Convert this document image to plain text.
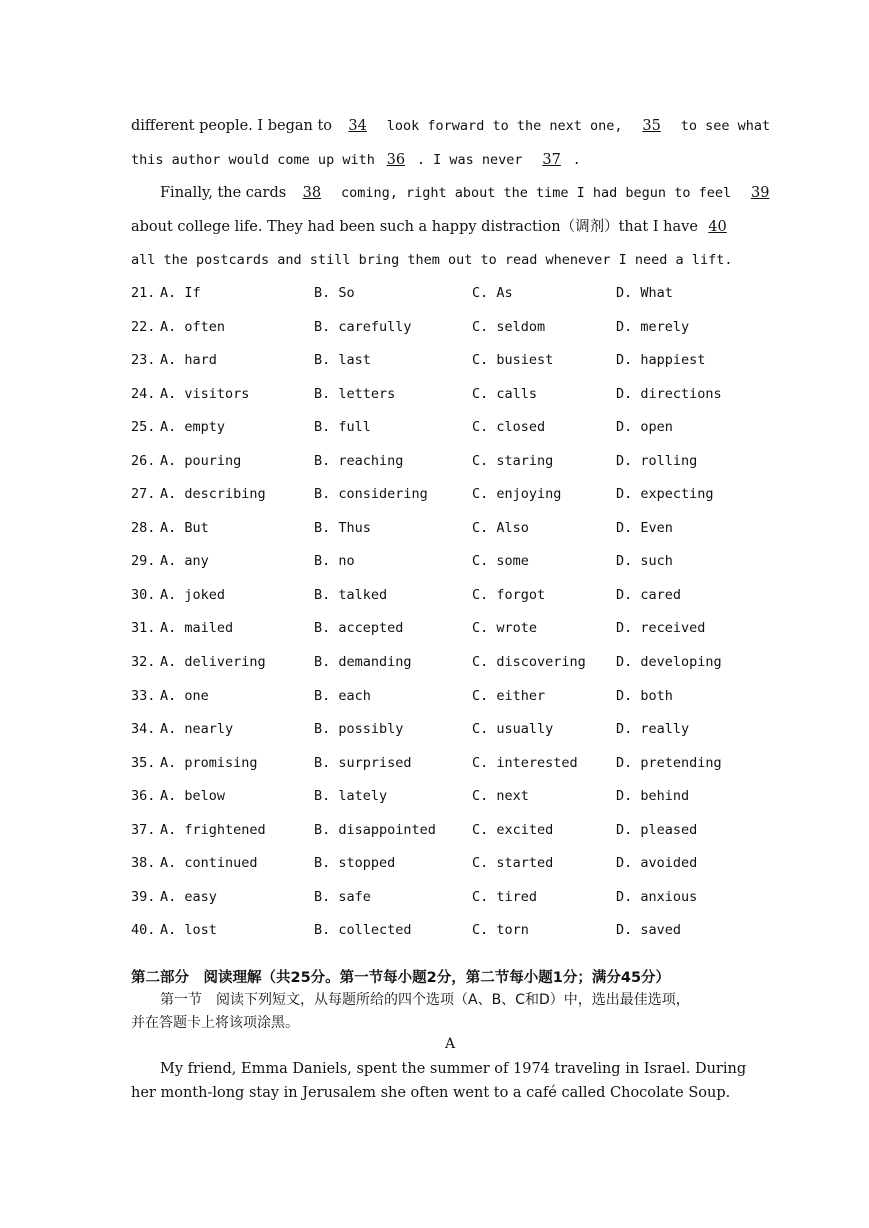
different people. I began to 34 look forward to the next one, 35 to see what
this author would come up with 36 . I was never 37 .
Finally, the cards 38 coming, right about the time I had begun to feel 39
about college life. They had been such a happy distraction（调剂）that I have 40
all the postcards and still bring them out to read whenever I need a lift.
21. A. If	B. So	C. As	D. What
22. A. often	B. carefully	C. seldom	D. merely
23. A. hard	B. last	C. busiest	D. happiest
24. A. visitors	B. letters	C. calls	D. directions
25. A. empty	B. full	C. closed	D. open
26. A. pouring	B. reaching	C. staring	D. rolling
27. A. describing	B. considering	C. enjoying	D. expecting
28. A. But	B. Thus	C. Also	D. Even
29. A. any	B. no	C. some	D. such
30. A. joked	B. talked	C. forgot	D. cared
31. A. mailed	B. accepted	C. wrote	D. received
32. A. delivering	B. demanding	C. discovering D. developing
33. A. one	B. each	C. either	D. both
34. A. nearly	B. possibly	C. usually	D. really
35. A. promising	B. surprised	C. interested	D. pretending
36. A. below	B. lately	C. next	D. behind
37. A. frightened	B. disappointed	C. excited	D. pleased
38. A. continued	B. stopped	C. started	D. avoided
39. A. easy	B. safe	C. tired	D. anxious
40. A. lost	B. collected	C. torn	D. saved
第二部分　阅读理解（共25分。第一节每小题2分，第二节每小题1分；满分45分）
第一节　阅读下列短文，从每题所给的四个选项（A、B、C和D）中，选出最佳选项，
并在答题卡上将该项涂黑。
A
My friend, Emma Daniels, spent the summer of 1974 traveling in Israel. During
her month-long stay in Jerusalem she often went to a café called Chocolate Soup.
